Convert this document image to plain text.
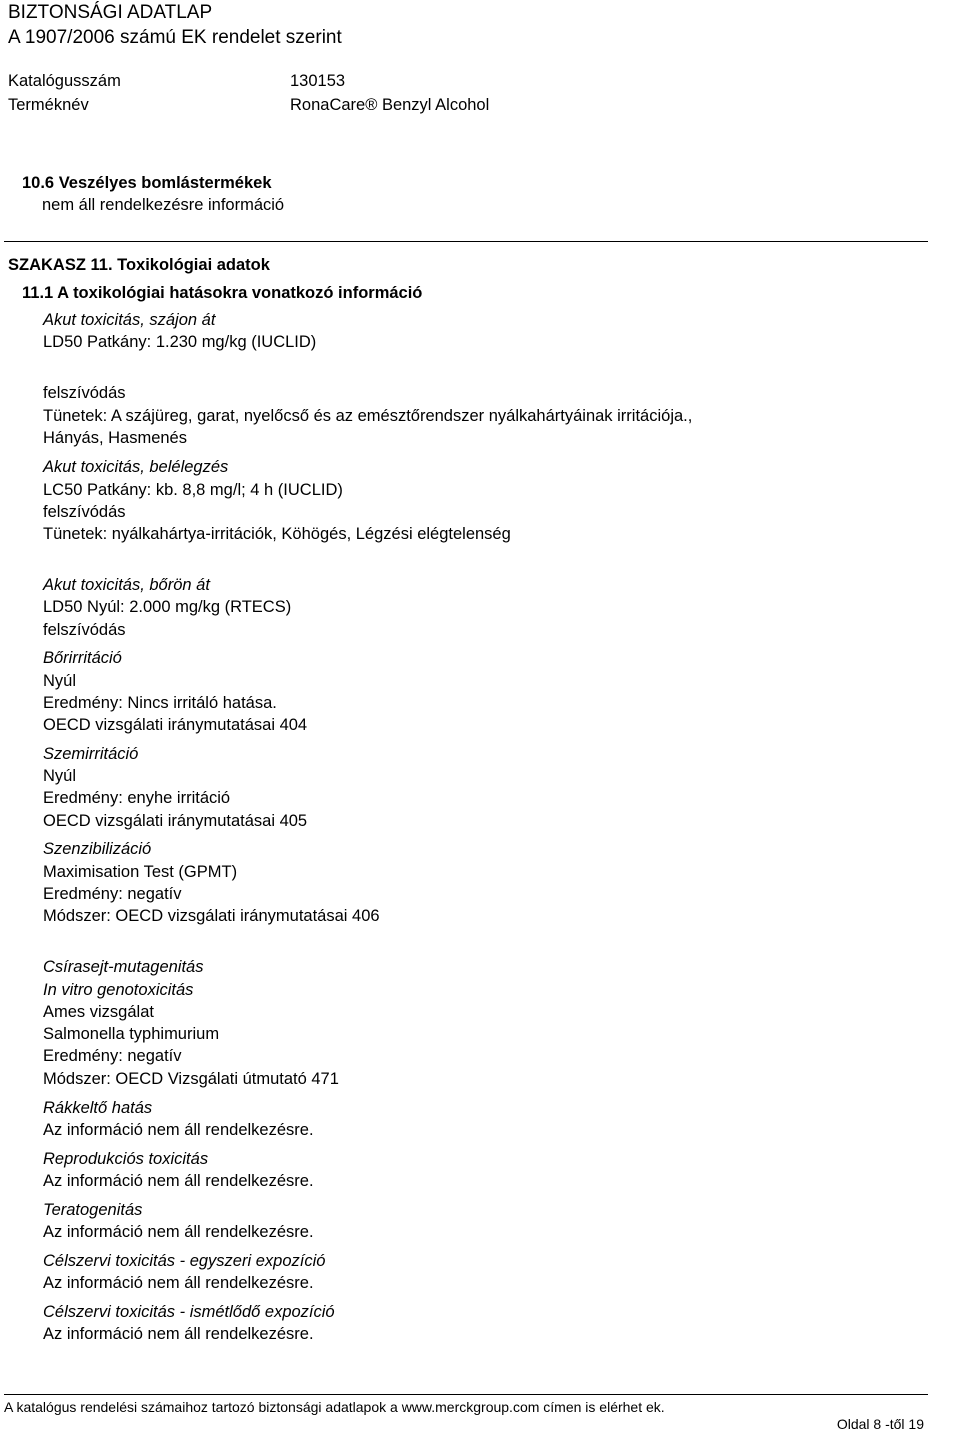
BIZTONSÁGI ADATLAP
A 1907/2006 számú EK rendelet szerint
Katalógusszám	130153
Terméknév	RonaCare® Benzyl Alcohol
10.6 Veszélyes bomlástermékek
nem áll rendelkezésre információ
SZAKASZ 11. Toxikológiai adatok
11.1 A toxikológiai hatásokra vonatkozó információ
Akut toxicitás, szájon át
LD50 Patkány: 1.230 mg/kg (IUCLID)
felszívódás
Tünetek: A szájüreg, garat, nyelőcső és az emésztőrendszer nyálkahártyáinak irritációja.,
Hányás, Hasmenés
Akut toxicitás, belélegzés
LC50 Patkány: kb. 8,8 mg/l; 4 h (IUCLID)
felszívódás
Tünetek: nyálkahártya-irritációk, Köhögés, Légzési elégtelenség
Akut toxicitás, bőrön át
LD50 Nyúl: 2.000 mg/kg (RTECS)
felszívódás
Bőrirritáció
Nyúl
Eredmény: Nincs irritáló hatása.
OECD vizsgálati iránymutatásai 404
Szemirritáció
Nyúl
Eredmény: enyhe irritáció
OECD vizsgálati iránymutatásai 405
Szenzibilizáció
Maximisation Test (GPMT)
Eredmény: negatív
Módszer: OECD vizsgálati iránymutatásai 406
Csírasejt-mutagenitás
In vitro genotoxicitás
Ames vizsgálat
Salmonella typhimurium
Eredmény: negatív
Módszer: OECD Vizsgálati útmutató 471
Rákkeltő hatás
Az információ nem áll rendelkezésre.
Reprodukciós toxicitás
Az információ nem áll rendelkezésre.
Teratogenitás
Az információ nem áll rendelkezésre.
Célszervi toxicitás - egyszeri expozíció
Az információ nem áll rendelkezésre.
Célszervi toxicitás - ismétlődő expozíció
Az információ nem áll rendelkezésre.
A katalógus rendelési számaihoz tartozó biztonsági adatlapok a www.merckgroup.com címen is elérhet ek.
Oldal 8 -től 19
